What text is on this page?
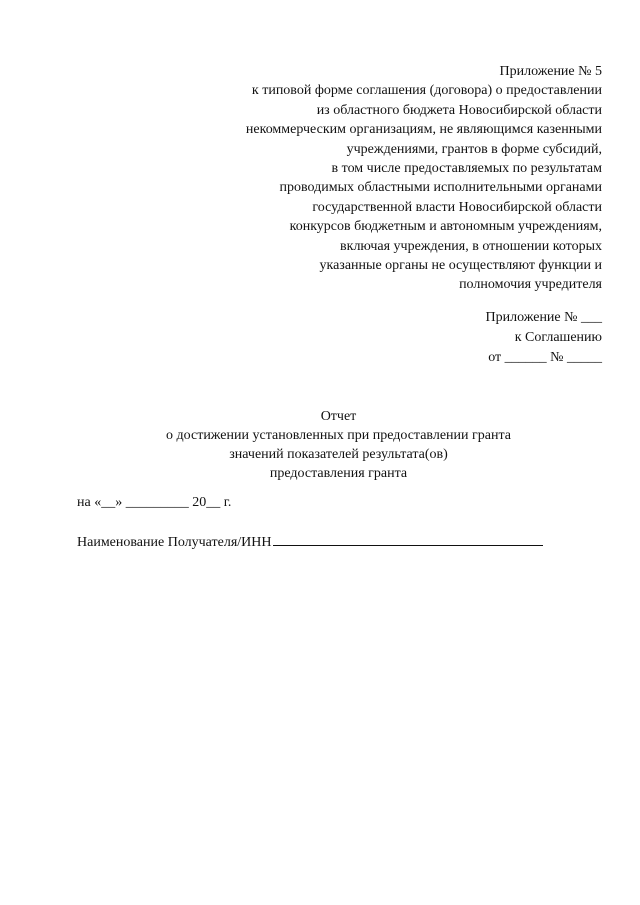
Приложение № 5
к типовой форме соглашения (договора) о предоставлении
из областного бюджета Новосибирской области
некоммерческим организациям, не являющимся казенными
учреждениями, грантов в форме субсидий,
в том числе предоставляемых по результатам
проводимых областными исполнительными органами
государственной власти Новосибирской области
конкурсов бюджетным и автономным учреждениям,
включая учреждения, в отношении которых
указанные органы не осуществляют функции и
полномочия учредителя
Приложение № ___
к Соглашению
от ______ № _____
Отчет
о достижении установленных при предоставлении гранта
значений показателей результата(ов)
предоставления гранта
на «__» _________ 20__ г.
Наименование Получателя/ИНН
